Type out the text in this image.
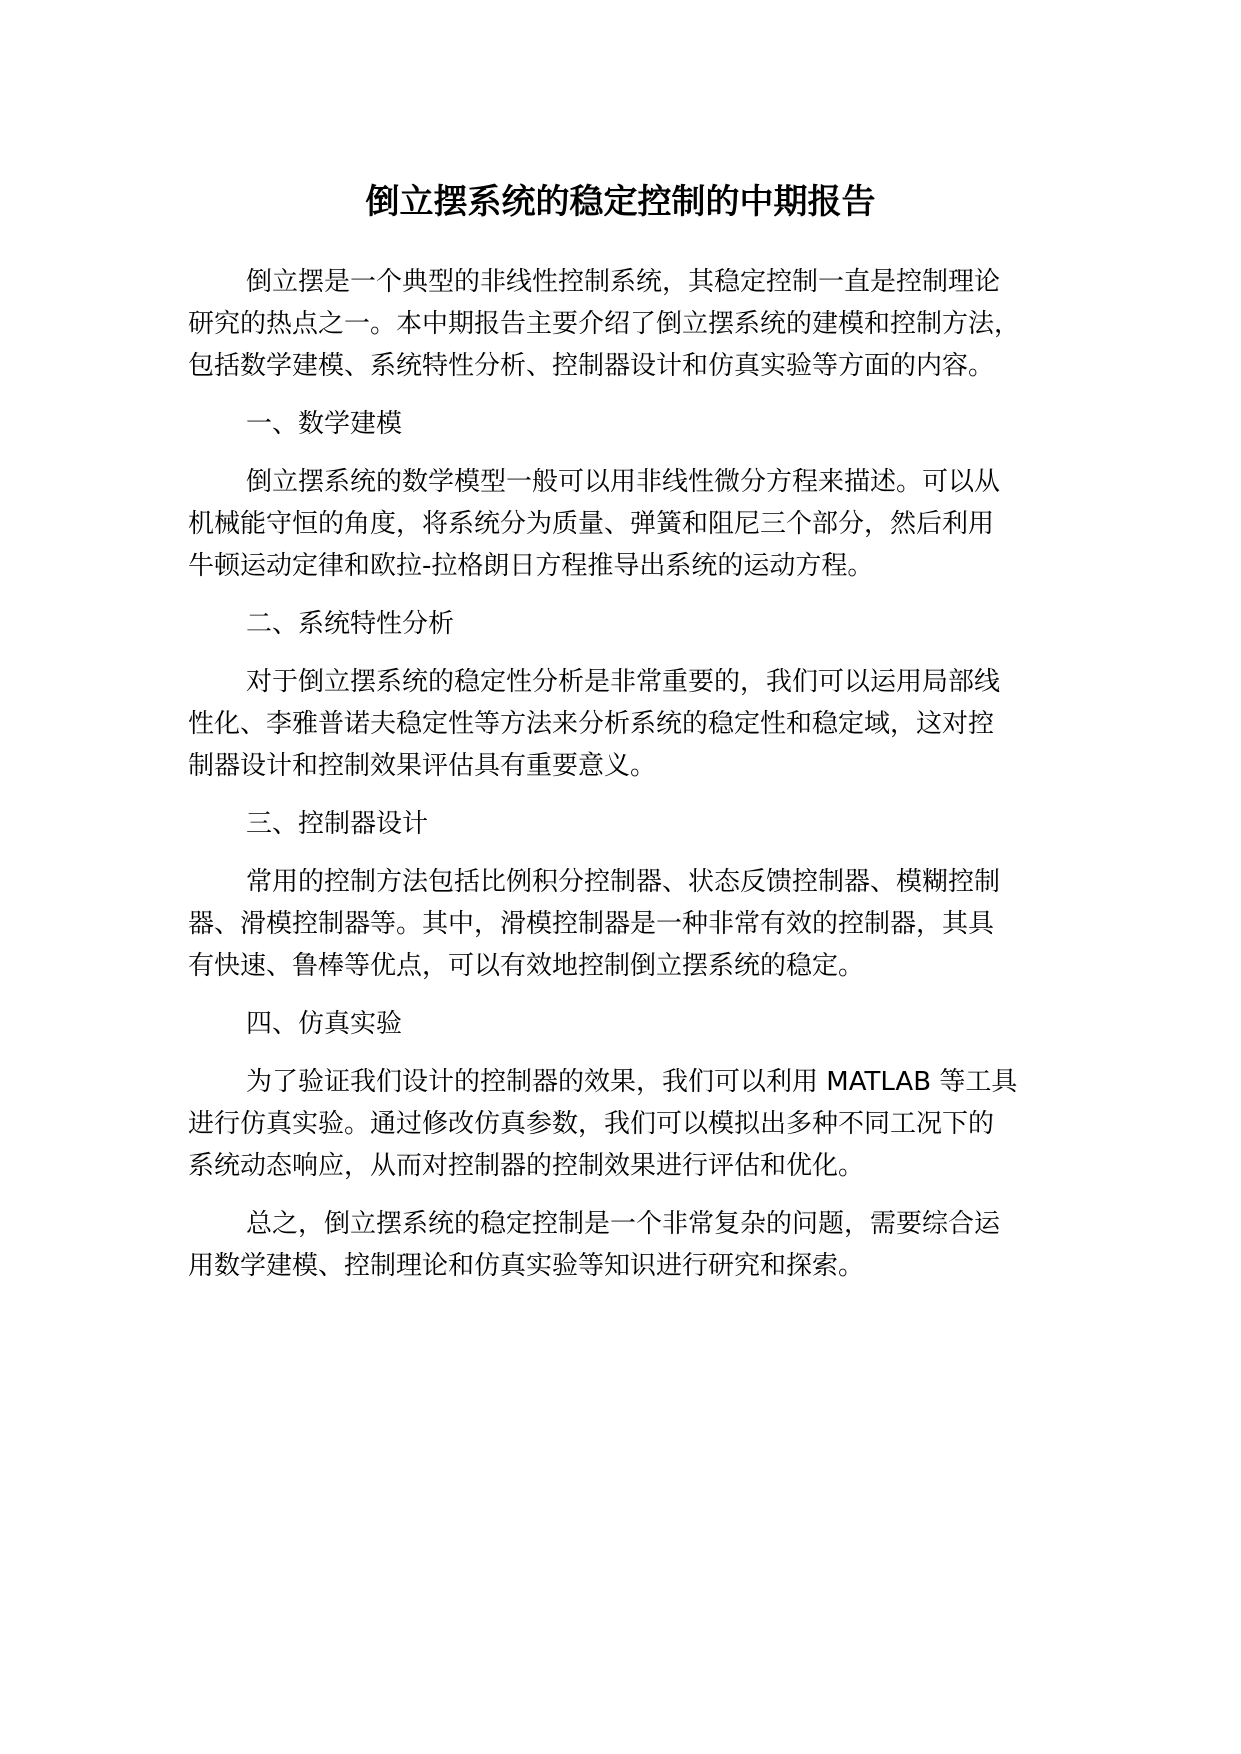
倒立摆系统的稳定控制的中期报告

倒立摆是一个典型的非线性控制系统，其稳定控制一直是控制理论

研究的热点之一。本中期报告主要介绍了倒立摆系统的建模和控制方法，

包括数学建模、系统特性分析、控制器设计和仿真实验等方面的内容。

一、数学建模

倒立摆系统的数学模型一般可以用非线性微分方程来描述。可以从

机械能守恒的角度，将系统分为质量、弹簧和阻尼三个部分，然后利用

牛顿运动定律和欧拉-拉格朗日方程推导出系统的运动方程。

二、系统特性分析

对于倒立摆系统的稳定性分析是非常重要的，我们可以运用局部线

性化、李雅普诺夫稳定性等方法来分析系统的稳定性和稳定域，这对控

制器设计和控制效果评估具有重要意义。

三、控制器设计

常用的控制方法包括比例积分控制器、状态反馈控制器、模糊控制

器、滑模控制器等。其中，滑模控制器是一种非常有效的控制器，其具

有快速、鲁棒等优点，可以有效地控制倒立摆系统的稳定。

四、仿真实验

为了验证我们设计的控制器的效果，我们可以利用 MATLAB 等工具

进行仿真实验。通过修改仿真参数，我们可以模拟出多种不同工况下的

系统动态响应，从而对控制器的控制效果进行评估和优化。

总之，倒立摆系统的稳定控制是一个非常复杂的问题，需要综合运

用数学建模、控制理论和仿真实验等知识进行研究和探索。
